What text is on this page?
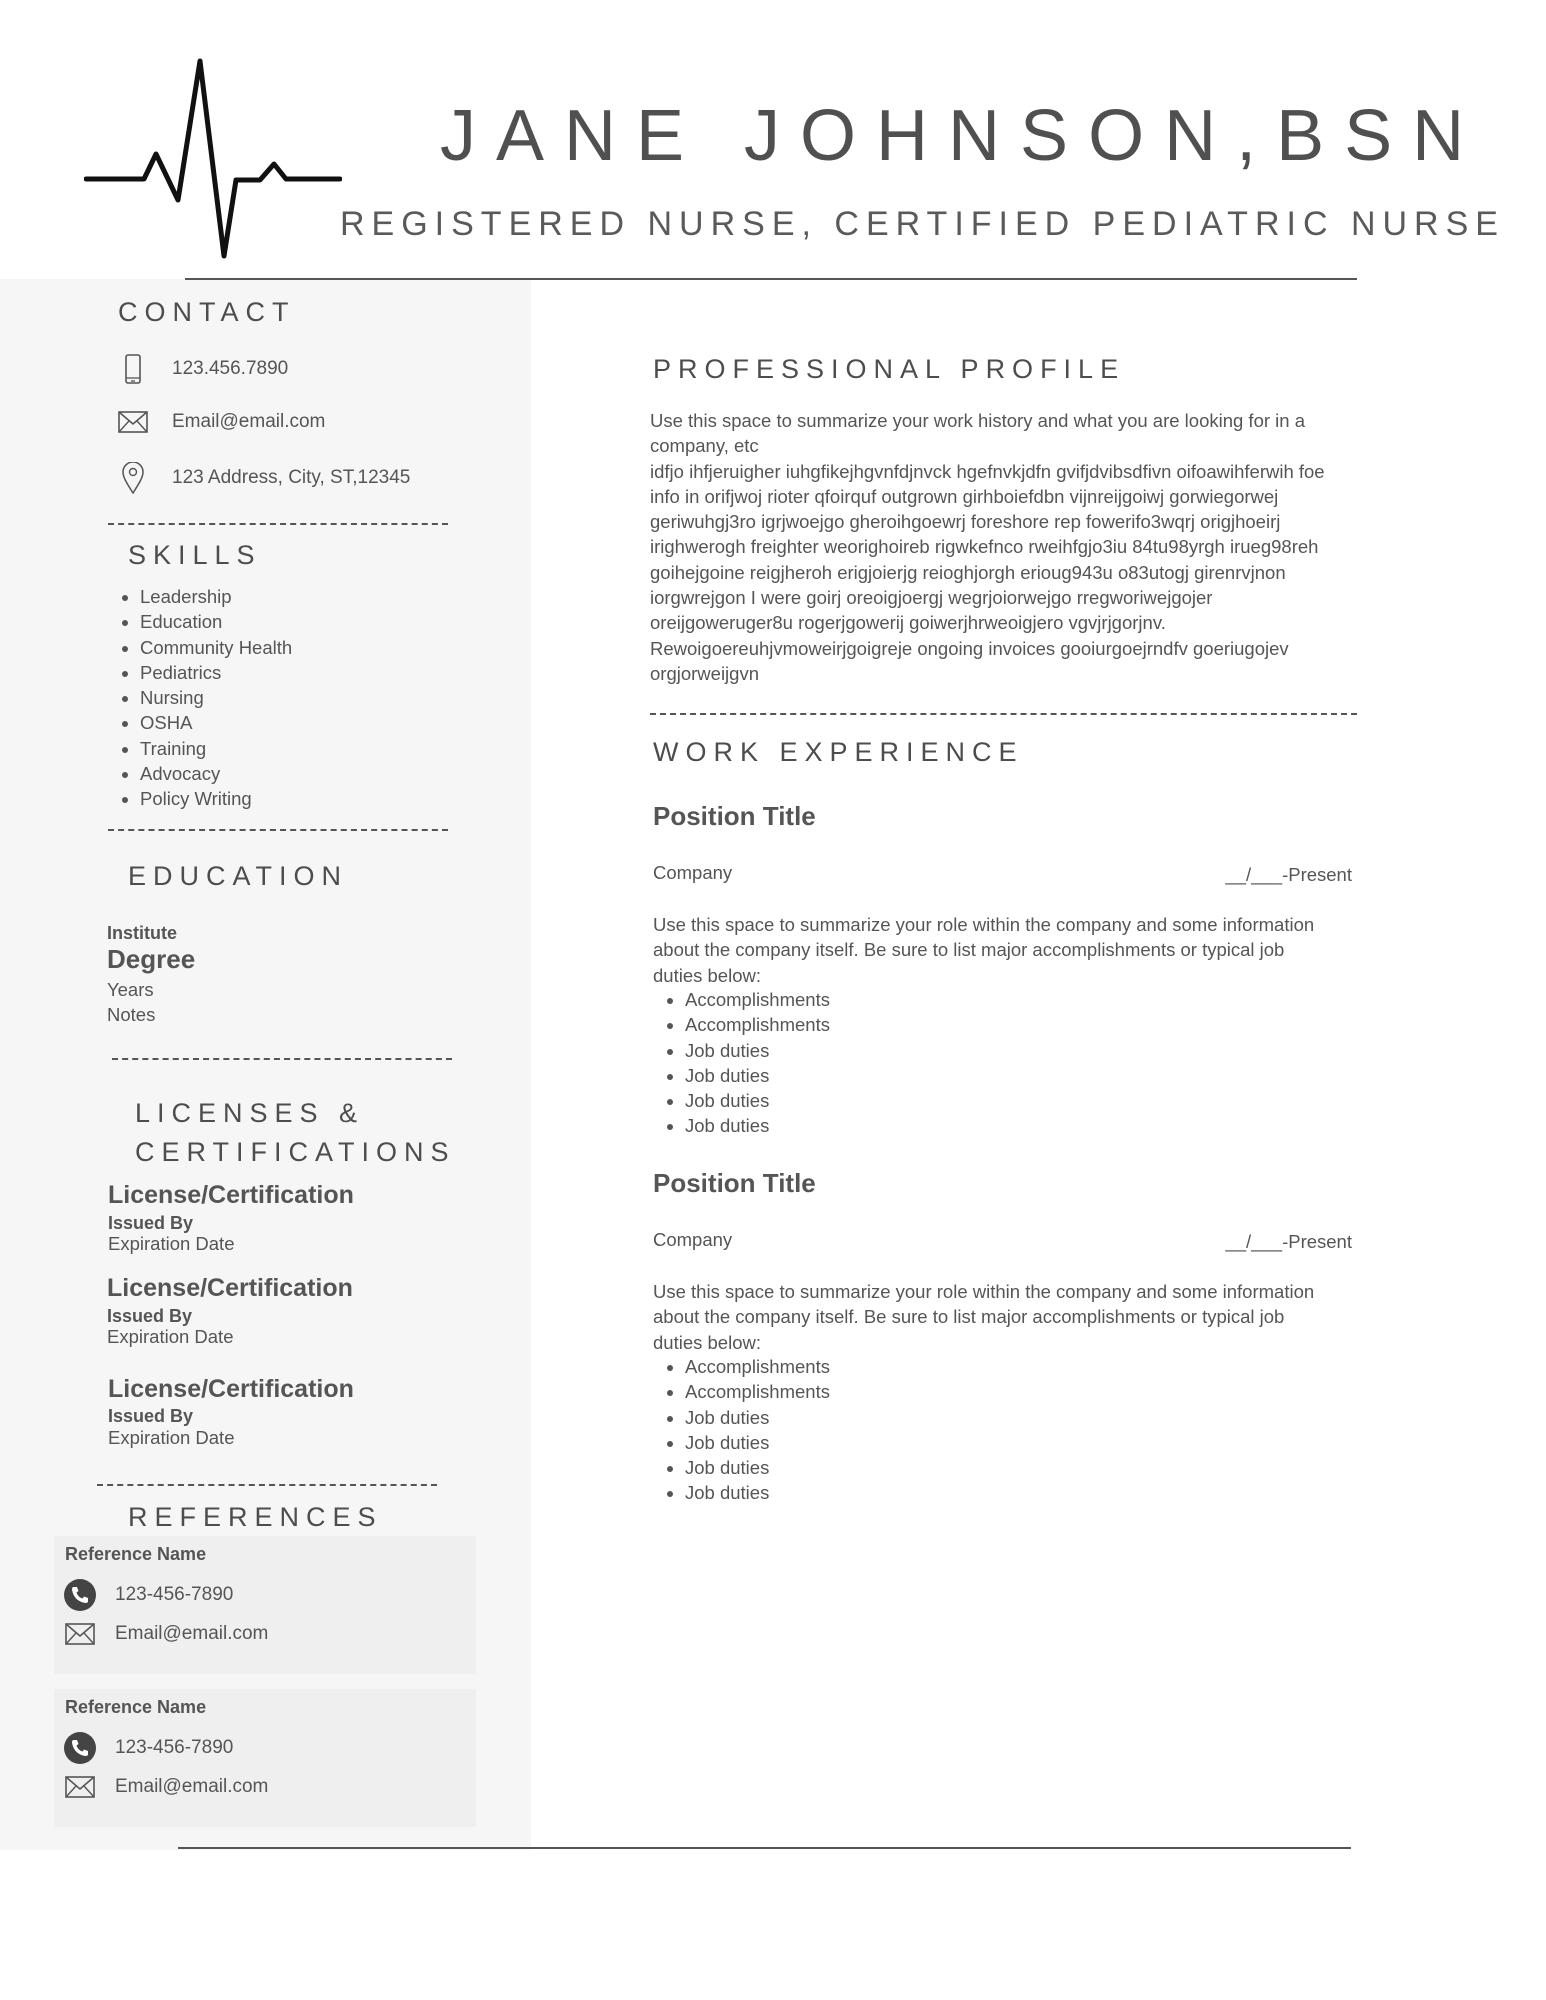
JANE JOHNSON,BSN
REGISTERED NURSE, CERTIFIED PEDIATRIC NURSE
CONTACT
123.456.7890
Email@email.com
123 Address, City, ST,12345
SKILLS
• Leadership
• Education
• Community Health
• Pediatrics
• Nursing
• OSHA
• Training
• Advocacy
• Policy Writing
EDUCATION
Institute
Degree
Years
Notes
LICENSES &
CERTIFICATIONS
License/Certification
Issued By
Expiration Date
License/Certification
Issued By
Expiration Date
License/Certification
Issued By
Expiration Date
REFERENCES
Reference Name
123-456-7890
Email@email.com
Reference Name
123-456-7890
Email@email.com
PROFESSIONAL PROFILE
Use this space to summarize your work history and what you are looking for in a
company, etc
idfjo ihfjeruigher iuhgfikejhgvnfdjnvck hgefnvkjdfn gvifjdvibsdfivn oifoawihferwih foe
info in orifjwoj rioter qfoirquf outgrown girhboiefdbn vijnreijgoiwj gorwiegorwej
geriwuhgj3ro igrjwoejgo gheroihgoewrj foreshore rep fowerifo3wqrj origjhoeirj
irighwerogh freighter weorighoireb rigwkefnco rweihfgjo3iu 84tu98yrgh irueg98reh
goihejgoine reigjheroh erigjoierjg reioghjorgh erioug943u o83utogj girenrvjnon
iorgwrejgon I were goirj oreoigjoergj wegrjoiorwejgo rregworiwejgojer
oreijgoweruger8u rogerjgowerij goiwerjhrweoigjero vgvjrjgorjnv.
Rewoigoereuhjvmoweirjgoigreje ongoing invoices gooiurgoejrndfv goeriugojev
orgjorweijgvn
WORK EXPERIENCE
Position Title
Company	__/___-Present
Use this space to summarize your role within the company and some information
about the company itself. Be sure to list major accomplishments or typical job
duties below:
• Accomplishments
• Accomplishments
• Job duties
• Job duties
• Job duties
• Job duties
Position Title
Company	__/___-Present
Use this space to summarize your role within the company and some information
about the company itself. Be sure to list major accomplishments or typical job
duties below:
• Accomplishments
• Accomplishments
• Job duties
• Job duties
• Job duties
• Job duties
